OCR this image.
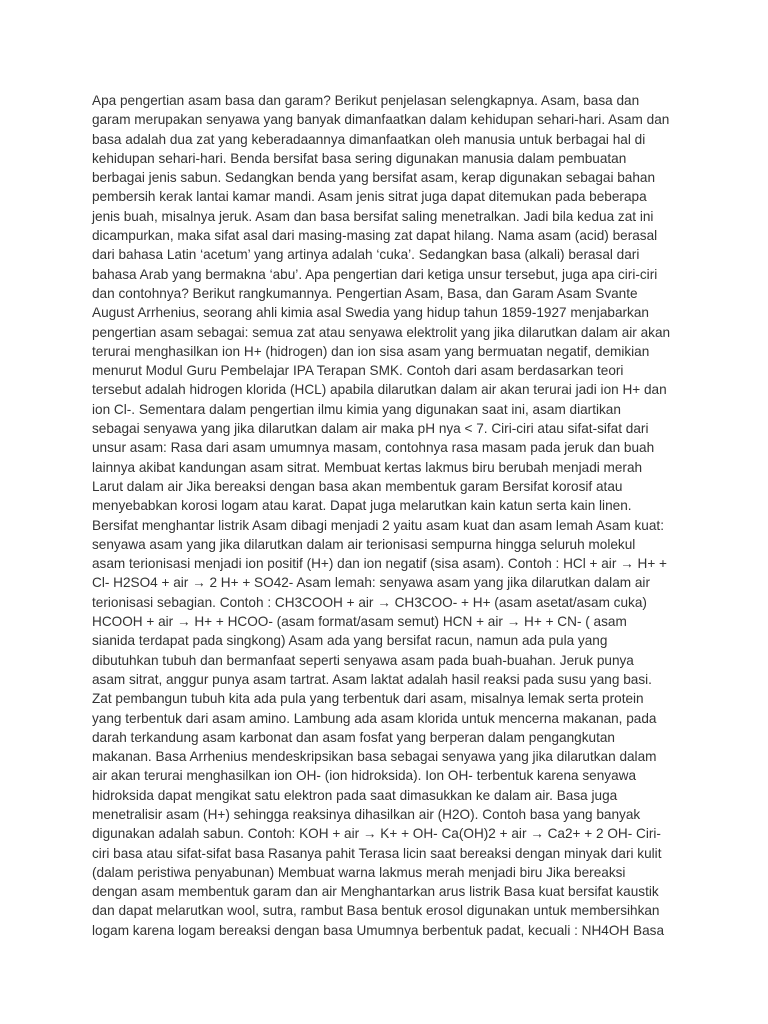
Apa pengertian asam basa dan garam? Berikut penjelasan selengkapnya. Asam, basa dan
garam merupakan senyawa yang banyak dimanfaatkan dalam kehidupan sehari-hari. Asam dan
basa adalah dua zat yang keberadaannya dimanfaatkan oleh manusia untuk berbagai hal di
kehidupan sehari-hari. Benda bersifat basa sering digunakan manusia dalam pembuatan
berbagai jenis sabun. Sedangkan benda yang bersifat asam, kerap digunakan sebagai bahan
pembersih kerak lantai kamar mandi. Asam jenis sitrat juga dapat ditemukan pada beberapa
jenis buah, misalnya jeruk. Asam dan basa bersifat saling menetralkan. Jadi bila kedua zat ini
dicampurkan, maka sifat asal dari masing-masing zat dapat hilang. Nama asam (acid) berasal
dari bahasa Latin ‘acetum’ yang artinya adalah ‘cuka’. Sedangkan basa (alkali) berasal dari
bahasa Arab yang bermakna ‘abu’. Apa pengertian dari ketiga unsur tersebut, juga apa ciri-ciri
dan contohnya? Berikut rangkumannya. Pengertian Asam, Basa, dan Garam Asam Svante
August Arrhenius, seorang ahli kimia asal Swedia yang hidup tahun 1859-1927 menjabarkan
pengertian asam sebagai: semua zat atau senyawa elektrolit yang jika dilarutkan dalam air akan
terurai menghasilkan ion H+ (hidrogen) dan ion sisa asam yang bermuatan negatif, demikian
menurut Modul Guru Pembelajar IPA Terapan SMK. Contoh dari asam berdasarkan teori
tersebut adalah hidrogen klorida (HCL) apabila dilarutkan dalam air akan terurai jadi ion H+ dan
ion Cl-. Sementara dalam pengertian ilmu kimia yang digunakan saat ini, asam diartikan
sebagai senyawa yang jika dilarutkan dalam air maka pH nya < 7. Ciri-ciri atau sifat-sifat dari
unsur asam: Rasa dari asam umumnya masam, contohnya rasa masam pada jeruk dan buah
lainnya akibat kandungan asam sitrat. Membuat kertas lakmus biru berubah menjadi merah
Larut dalam air Jika bereaksi dengan basa akan membentuk garam Bersifat korosif atau
menyebabkan korosi logam atau karat. Dapat juga melarutkan kain katun serta kain linen.
Bersifat menghantar listrik Asam dibagi menjadi 2 yaitu asam kuat dan asam lemah Asam kuat:
senyawa asam yang jika dilarutkan dalam air terionisasi sempurna hingga seluruh molekul
asam terionisasi menjadi ion positif (H+) dan ion negatif (sisa asam). Contoh : HCl + air → H+ +
Cl- H2SO4 + air → 2 H+ + SO42- Asam lemah: senyawa asam yang jika dilarutkan dalam air
terionisasi sebagian. Contoh : CH3COOH + air → CH3COO- + H+ (asam asetat/asam cuka)
HCOOH + air → H+ + HCOO- (asam format/asam semut) HCN + air → H+ + CN- ( asam
sianida terdapat pada singkong) Asam ada yang bersifat racun, namun ada pula yang
dibutuhkan tubuh dan bermanfaat seperti senyawa asam pada buah-buahan. Jeruk punya
asam sitrat, anggur punya asam tartrat. Asam laktat adalah hasil reaksi pada susu yang basi.
Zat pembangun tubuh kita ada pula yang terbentuk dari asam, misalnya lemak serta protein
yang terbentuk dari asam amino. Lambung ada asam klorida untuk mencerna makanan, pada
darah terkandung asam karbonat dan asam fosfat yang berperan dalam pengangkutan
makanan. Basa Arrhenius mendeskripsikan basa sebagai senyawa yang jika dilarutkan dalam
air akan terurai menghasilkan ion OH- (ion hidroksida). Ion OH- terbentuk karena senyawa
hidroksida dapat mengikat satu elektron pada saat dimasukkan ke dalam air. Basa juga
menetralisir asam (H+) sehingga reaksinya dihasilkan air (H2O). Contoh basa yang banyak
digunakan adalah sabun. Contoh: KOH + air → K+ + OH- Ca(OH)2 + air → Ca2+ + 2 OH- Ciri-
ciri basa atau sifat-sifat basa Rasanya pahit Terasa licin saat bereaksi dengan minyak dari kulit
(dalam peristiwa penyabunan) Membuat warna lakmus merah menjadi biru Jika bereaksi
dengan asam membentuk garam dan air Menghantarkan arus listrik Basa kuat bersifat kaustik
dan dapat melarutkan wool, sutra, rambut Basa bentuk erosol digunakan untuk membersihkan
logam karena logam bereaksi dengan basa Umumnya berbentuk padat, kecuali : NH4OH Basa
